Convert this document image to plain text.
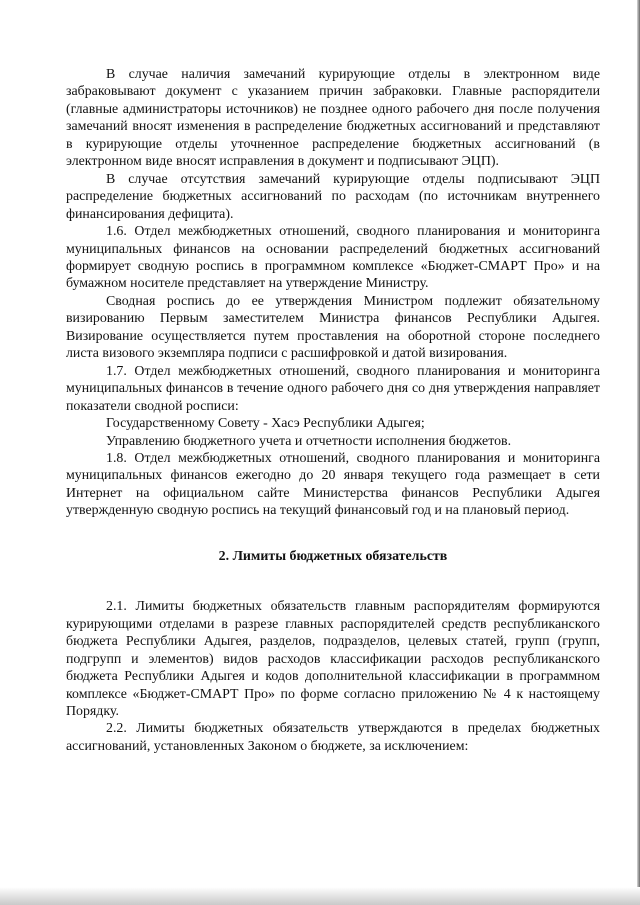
В случае наличия замечаний курирующие отделы в электронном виде забраковывают документ с указанием причин забраковки. Главные распорядители (главные администраторы источников) не позднее одного рабочего дня после получения замечаний вносят изменения в распределение бюджетных ассигнований и представляют в курирующие отделы уточненное распределение бюджетных ассигнований (в электронном виде вносят исправления в документ и подписывают ЭЦП).

В случае отсутствия замечаний курирующие отделы подписывают ЭЦП распределение бюджетных ассигнований по расходам (по источникам внутреннего финансирования дефицита).

1.6. Отдел межбюджетных отношений, сводного планирования и мониторинга муниципальных финансов на основании распределений бюджетных ассигнований формирует сводную роспись в программном комплексе «Бюджет-СМАРТ Про» и на бумажном носителе представляет на утверждение Министру.

Сводная роспись до ее утверждения Министром подлежит обязательному визированию Первым заместителем Министра финансов Республики Адыгея. Визирование осуществляется путем проставления на оборотной стороне последнего листа визового экземпляра подписи с расшифровкой и датой визирования.

1.7. Отдел межбюджетных отношений, сводного планирования и мониторинга муниципальных финансов в течение одного рабочего дня со дня утверждения направляет показатели сводной росписи:

Государственному Совету - Хасэ Республики Адыгея;

Управлению бюджетного учета и отчетности исполнения бюджетов.

1.8. Отдел межбюджетных отношений, сводного планирования и мониторинга муниципальных финансов ежегодно до 20 января текущего года размещает в сети Интернет на официальном сайте Министерства финансов Республики Адыгея утвержденную сводную роспись на текущий финансовый год и на плановый период.

2. Лимиты бюджетных обязательств

2.1. Лимиты бюджетных обязательств главным распорядителям формируются курирующими отделами в разрезе главных распорядителей средств республиканского бюджета Республики Адыгея, разделов, подразделов, целевых статей, групп (групп, подгрупп и элементов) видов расходов классификации расходов республиканского бюджета Республики Адыгея и кодов дополнительной классификации в программном комплексе «Бюджет-СМАРТ Про» по форме согласно приложению № 4 к настоящему Порядку.

2.2. Лимиты бюджетных обязательств утверждаются в пределах бюджетных ассигнований, установленных Законом о бюджете, за исключением:
